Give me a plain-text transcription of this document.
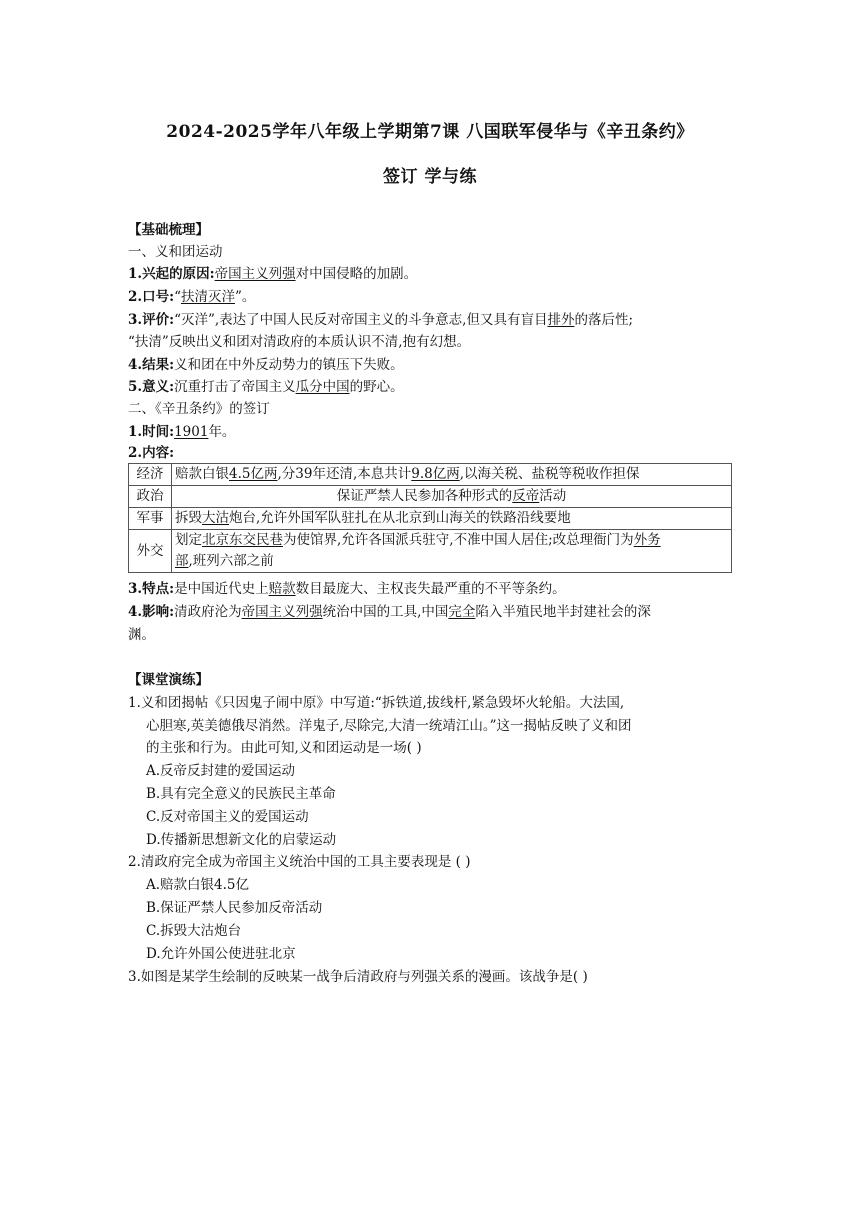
2024-2025学年八年级上学期第7课 八国联军侵华与《辛丑条约》
签订 学与练
【基础梳理】
一、义和团运动
1.兴起的原因:帝国主义列强对中国侵略的加剧。
2.口号:“扶清灭洋”。
3.评价:“灭洋”,表达了中国人民反对帝国主义的斗争意志,但又具有盲目排外的落后性;
“扶清”反映出义和团对清政府的本质认识不清,抱有幻想。
4.结果:义和团在中外反动势力的镇压下失败。
5.意义:沉重打击了帝国主义瓜分中国的野心。
二、《辛丑条约》的签订
1.时间:1901年。
2.内容:
经济	赔款白银4.5亿两,分39年还清,本息共计9.8亿两,以海关税、盐税等税收作担保
政治	保证严禁人民参加各种形式的反帝活动
军事	拆毁大沽炮台,允许外国军队驻扎在从北京到山海关的铁路沿线要地
外交	划定北京东交民巷为使馆界,允许各国派兵驻守,不准中国人居住;改总理衙门为外务
部,班列六部之前
3.特点:是中国近代史上赔款数目最庞大、主权丧失最严重的不平等条约。
4.影响:清政府沦为帝国主义列强统治中国的工具,中国完全陷入半殖民地半封建社会的深
渊。
【课堂演练】
1.义和团揭帖《只因鬼子闹中原》中写道:“拆铁道,拔线杆,紧急毁坏火轮船。大法国,
心胆寒,英美德俄尽消然。洋鬼子,尽除完,大清一统靖江山。”这一揭帖反映了义和团
的主张和行为。由此可知,义和团运动是一场( )
A.反帝反封建的爱国运动
B.具有完全意义的民族民主革命
C.反对帝国主义的爱国运动
D.传播新思想新文化的启蒙运动
2.清政府完全成为帝国主义统治中国的工具主要表现是 ( )
A.赔款白银4.5亿
B.保证严禁人民参加反帝活动
C.拆毁大沽炮台
D.允许外国公使进驻北京
3.如图是某学生绘制的反映某一战争后清政府与列强关系的漫画。该战争是( )
